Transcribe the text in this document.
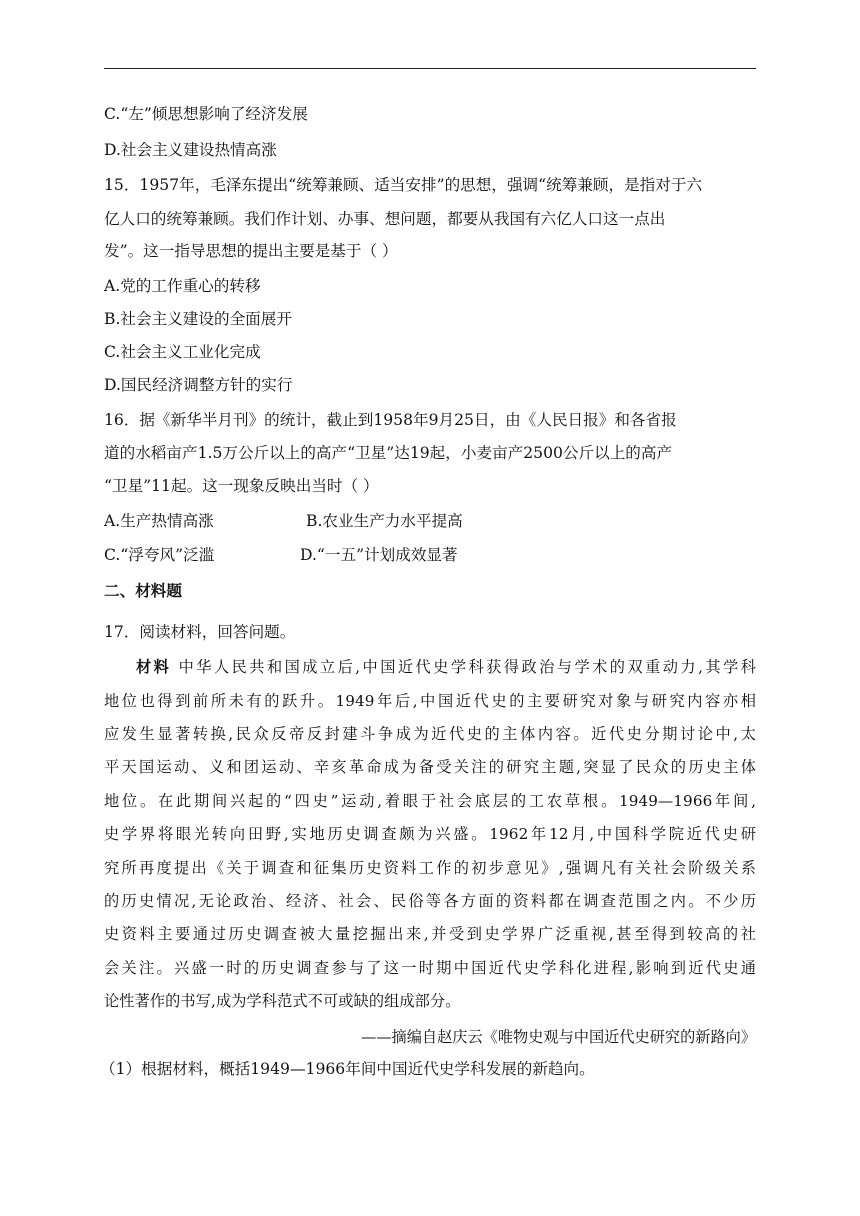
C.“左”倾思想影响了经济发展
D.社会主义建设热情高涨
15．1957年，毛泽东提出“统筹兼顾、适当安排”的思想，强调“统筹兼顾，是指对于六
亿人口的统筹兼顾。我们作计划、办事、想问题，都要从我国有六亿人口这一点出
发”。这一指导思想的提出主要是基于（ ）
A.党的工作重心的转移
B.社会主义建设的全面展开
C.社会主义工业化完成
D.国民经济调整方针的实行
16．据《新华半月刊》的统计，截止到1958年9月25日，由《人民日报》和各省报
道的水稻亩产1.5万公斤以上的高产“卫星”达19起，小麦亩产2500公斤以上的高产
“卫星”11起。这一现象反映出当时（ ）
A.生产热情高涨	B.农业生产力水平提高
C.“浮夸风”泛滥	D.“一五”计划成效显著
二、材料题
17．阅读材料，回答问题。
材料 中华人民共和国成立后,中国近代史学科获得政治与学术的双重动力,其学科
地位也得到前所未有的跃升。1949年后,中国近代史的主要研究对象与研究内容亦相
应发生显著转换,民众反帝反封建斗争成为近代史的主体内容。近代史分期讨论中,太
平天国运动、义和团运动、辛亥革命成为备受关注的研究主题,突显了民众的历史主体
地位。在此期间兴起的“四史”运动,着眼于社会底层的工农草根。1949—1966年间,
史学界将眼光转向田野,实地历史调查颇为兴盛。1962年12月,中国科学院近代史研
究所再度提出《关于调查和征集历史资料工作的初步意见》,强调凡有关社会阶级关系
的历史情况,无论政治、经济、社会、民俗等各方面的资料都在调查范围之内。不少历
史资料主要通过历史调查被大量挖掘出来,并受到史学界广泛重视,甚至得到较高的社
会关注。兴盛一时的历史调查参与了这一时期中国近代史学科化进程,影响到近代史通
论性著作的书写,成为学科范式不可或缺的组成部分。
——摘编自赵庆云《唯物史观与中国近代史研究的新路向》
（1）根据材料，概括1949—1966年间中国近代史学科发展的新趋向。
